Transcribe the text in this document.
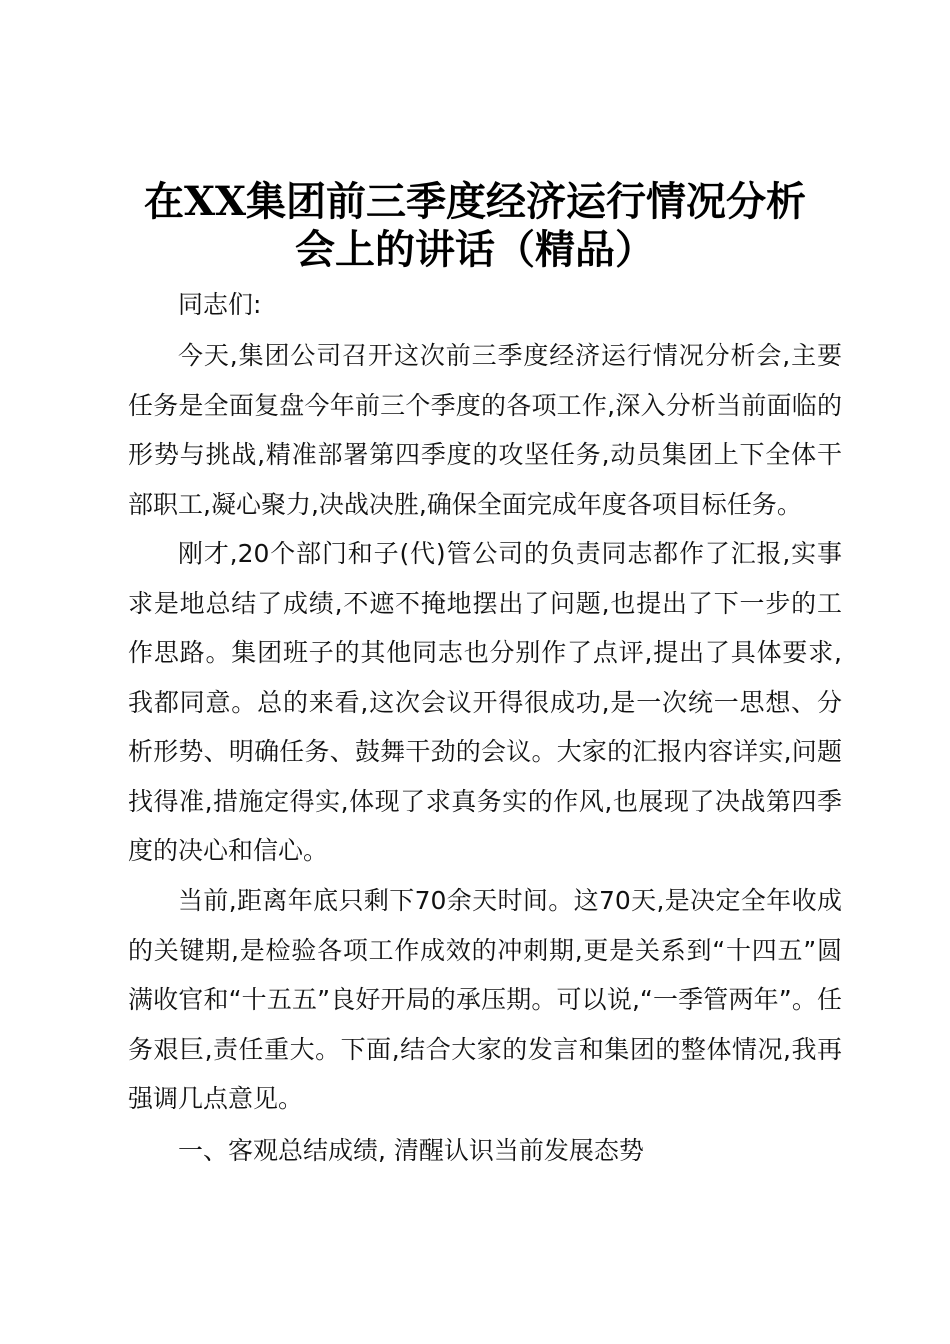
在XX集团前三季度经济运行情况分析
会上的讲话（精品）
同志们:
今天,集团公司召开这次前三季度经济运行情况分析会,主要任务是全面复盘今年前三个季度的各项工作,深入分析当前面临的形势与挑战,精准部署第四季度的攻坚任务,动员集团上下全体干部职工,凝心聚力,决战决胜,确保全面完成年度各项目标任务。
刚才,20个部门和子(代)管公司的负责同志都作了汇报,实事求是地总结了成绩,不遮不掩地摆出了问题,也提出了下一步的工作思路。集团班子的其他同志也分别作了点评,提出了具体要求,我都同意。总的来看,这次会议开得很成功,是一次统一思想、分析形势、明确任务、鼓舞干劲的会议。大家的汇报内容详实,问题找得准,措施定得实,体现了求真务实的作风,也展现了决战第四季度的决心和信心。
当前,距离年底只剩下70余天时间。这70天,是决定全年收成的关键期,是检验各项工作成效的冲刺期,更是关系到“十四五”圆满收官和“十五五”良好开局的承压期。可以说,“一季管两年”。任务艰巨,责任重大。下面,结合大家的发言和集团的整体情况,我再强调几点意见。
一、客观总结成绩, 清醒认识当前发展态势
